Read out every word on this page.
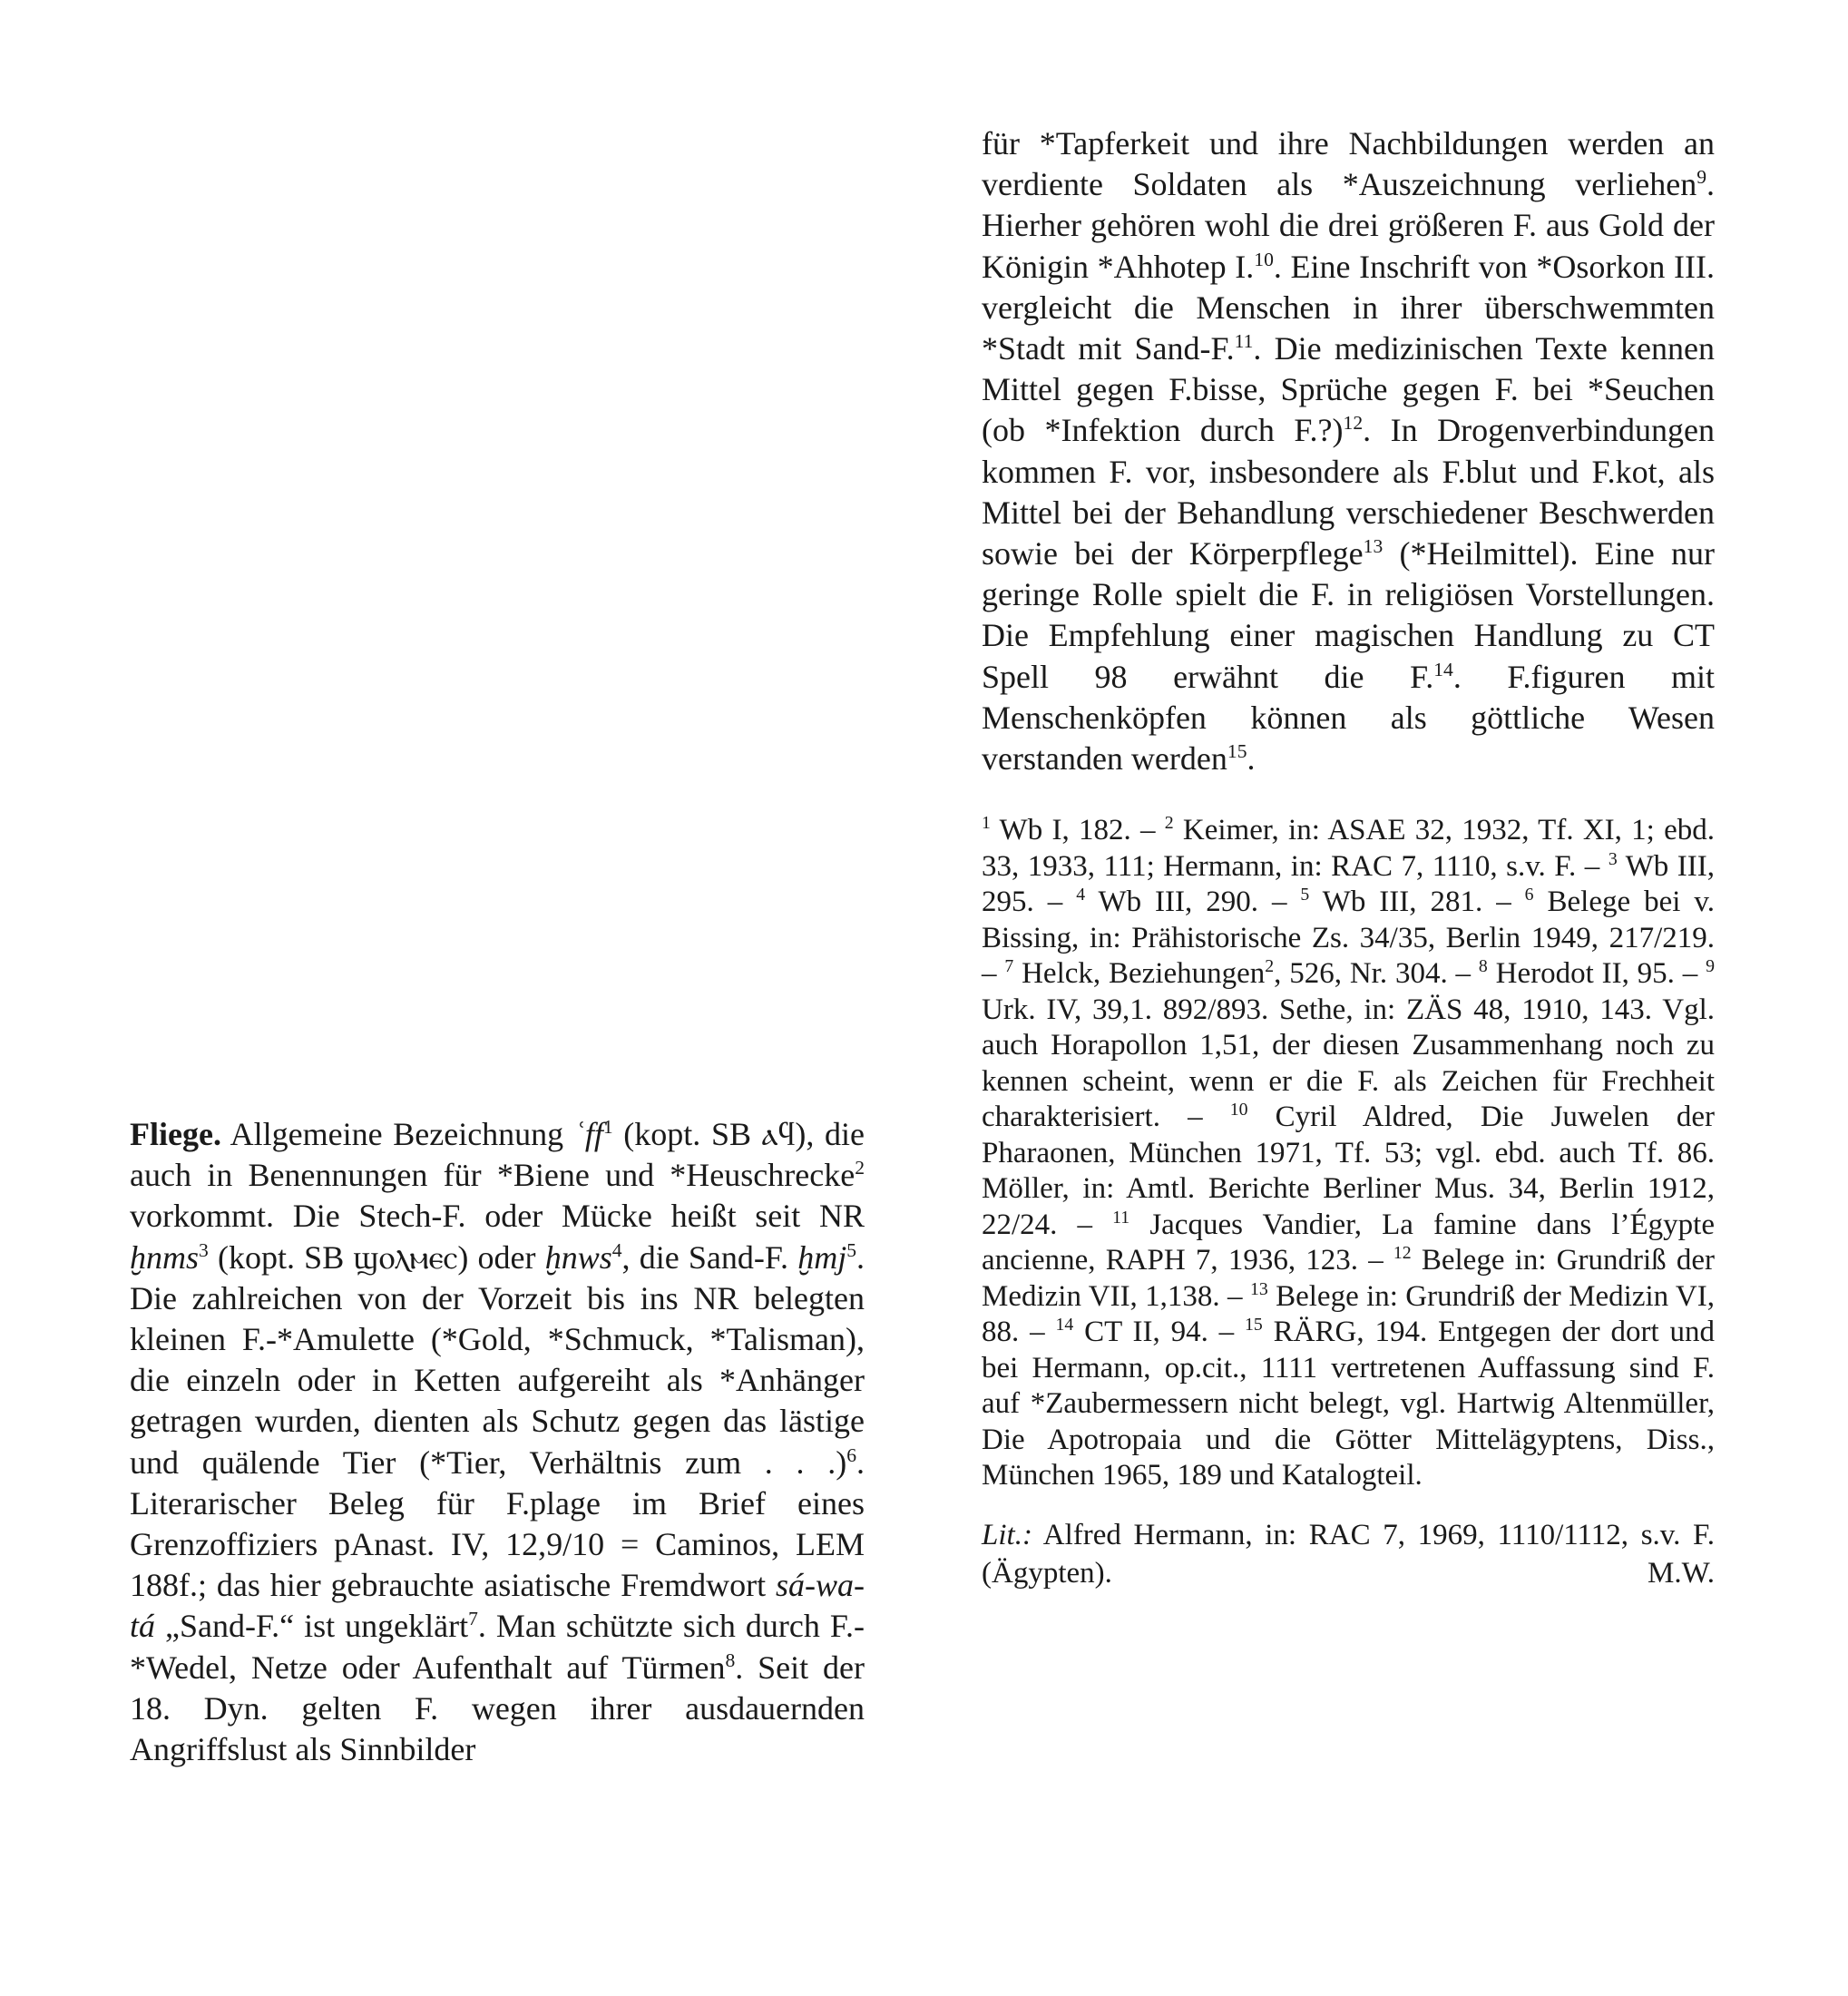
Fliege. Allgemeine Bezeichnung ʿff$^1$ (kopt. SB ⲁϥ), die auch in Benennungen für *Biene und *Heuschrecke$^2$ vorkommt. Die Stech-F. oder Mücke heißt seit NR ḫnms$^3$ (kopt. SB ϣⲟⲗⲙⲉⲥ) oder ḫnws$^4$, die Sand-F. ḫmj$^5$. Die zahlreichen von der Vorzeit bis ins NR belegten kleinen F.-*Amulette (*Gold, *Schmuck, *Talisman), die einzeln oder in Ketten aufgereiht als *Anhänger getragen wurden, dienten als Schutz gegen das lästige und quälende Tier (*Tier, Verhältnis zum . . .)$^6$. Literarischer Beleg für F.plage im Brief eines Grenzoffiziers pAnast. IV, 12,9/10 = Caminos, LEM 188f.; das hier gebrauchte asiatische Fremdwort sá-wa-tá „Sand-F.“ ist ungeklärt$^7$. Man schützte sich durch F.-*Wedel, Netze oder Aufenthalt auf Türmen$^8$. Seit der 18. Dyn. gelten F. wegen ihrer ausdauernden Angriffslust als Sinnbilder

für *Tapferkeit und ihre Nachbildungen werden an verdiente Soldaten als *Auszeichnung verliehen$^9$. Hierher gehören wohl die drei größeren F. aus Gold der Königin *Ahhotep I.$^{10}$. Eine Inschrift von *Osorkon III. vergleicht die Menschen in ihrer überschwemmten *Stadt mit Sand-F.$^{11}$. Die medizinischen Texte kennen Mittel gegen F.bisse, Sprüche gegen F. bei *Seuchen (ob *Infektion durch F.?)$^{12}$. In Drogenverbindungen kommen F. vor, insbesondere als F.blut und F.kot, als Mittel bei der Behandlung verschiedener Beschwerden sowie bei der Körperpflege$^{13}$ (*Heilmittel). Eine nur geringe Rolle spielt die F. in religiösen Vorstellungen. Die Empfehlung einer magischen Handlung zu CT Spell 98 erwähnt die F.$^{14}$. F.figuren mit Menschenköpfen können als göttliche Wesen verstanden werden$^{15}$.

$^1$ Wb I, 182. – $^2$ Keimer, in: ASAE 32, 1932, Tf. XI, 1; ebd. 33, 1933, 111; Hermann, in: RAC 7, 1110, s.v. F. – $^3$ Wb III, 295. – $^4$ Wb III, 290. – $^5$ Wb III, 281. – $^6$ Belege bei v. Bissing, in: Prähistorische Zs. 34/35, Berlin 1949, 217/219. – $^7$ Helck, Beziehungen$^2$, 526, Nr. 304. – $^8$ Herodot II, 95. – $^9$ Urk. IV, 39,1. 892/893. Sethe, in: ZÄS 48, 1910, 143. Vgl. auch Horapollon 1,51, der diesen Zusammenhang noch zu kennen scheint, wenn er die F. als Zeichen für Frechheit charakterisiert. – $^{10}$ Cyril Aldred, Die Juwelen der Pharaonen, München 1971, Tf. 53; vgl. ebd. auch Tf. 86. Möller, in: Amtl. Berichte Berliner Mus. 34, Berlin 1912, 22/24. – $^{11}$ Jacques Vandier, La famine dans l’Égypte ancienne, RAPH 7, 1936, 123. – $^{12}$ Belege in: Grundriß der Medizin VII, 1,138. – $^{13}$ Belege in: Grundriß der Medizin VI, 88. – $^{14}$ CT II, 94. – $^{15}$ RÄRG, 194. Entgegen der dort und bei Hermann, op.cit., 1111 vertretenen Auffassung sind F. auf *Zaubermessern nicht belegt, vgl. Hartwig Altenmüller, Die Apotropaia und die Götter Mittelägyptens, Diss., München 1965, 189 und Katalogteil.

Lit.: Alfred Hermann, in: RAC 7, 1969, 1110/1112, s.v. F. (Ägypten).	M.W.
